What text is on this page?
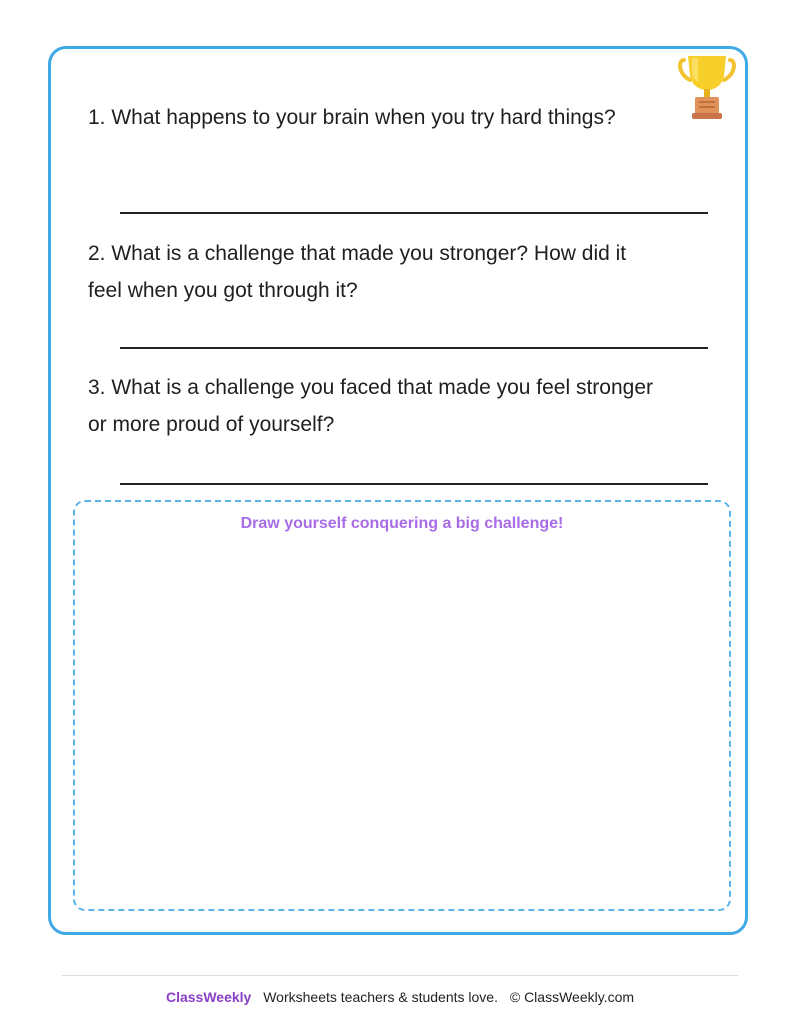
1. What happens to your brain when you try hard things?

2. What is a challenge that made you stronger? How did it
feel when you got through it?

3. What is a challenge you faced that made you feel stronger
or more proud of yourself?

Draw yourself conquering a big challenge!
ClassWeekly Worksheets teachers & students love. © ClassWeekly.com
